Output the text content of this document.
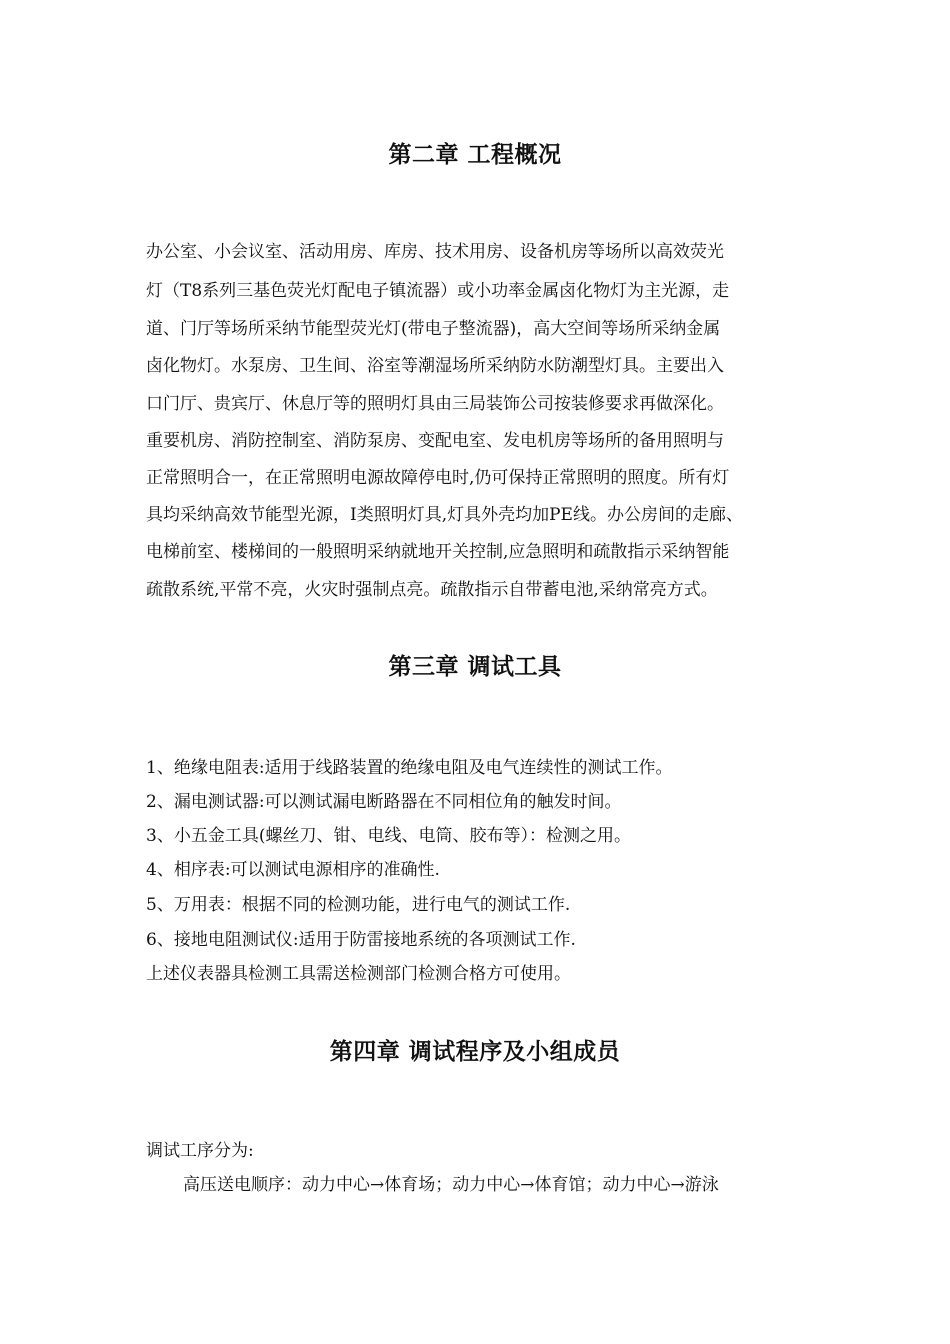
第二章 工程概况

办公室、小会议室、活动用房、库房、技术用房、设备机房等场所以高效荧光

灯（T8系列三基色荧光灯配电子镇流器）或小功率金属卤化物灯为主光源，走

道、门厅等场所采纳节能型荧光灯(带电子整流器)，高大空间等场所采纳金属

卤化物灯。水泵房、卫生间、浴室等潮湿场所采纳防水防潮型灯具。主要出入

口门厅、贵宾厅、休息厅等的照明灯具由三局装饰公司按装修要求再做深化。

重要机房、消防控制室、消防泵房、变配电室、发电机房等场所的备用照明与

正常照明合一，在正常照明电源故障停电时,仍可保持正常照明的照度。所有灯

具均采纳高效节能型光源，I类照明灯具,灯具外壳均加PE线。办公房间的走廊、

电梯前室、楼梯间的一般照明采纳就地开关控制,应急照明和疏散指示采纳智能

疏散系统,平常不亮，火灾时强制点亮。疏散指示自带蓄电池,采纳常亮方式。

第三章 调试工具

1、绝缘电阻表:适用于线路装置的绝缘电阻及电气连续性的测试工作。

2、漏电测试器:可以测试漏电断路器在不同相位角的触发时间。

3、小五金工具(螺丝刀、钳、电线、电筒、胶布等）：检测之用。

4、相序表:可以测试电源相序的准确性.

5、万用表：根据不同的检测功能，进行电气的测试工作.

6、接地电阻测试仪:适用于防雷接地系统的各项测试工作.

上述仪表器具检测工具需送检测部门检测合格方可使用。

第四章 调试程序及小组成员

调试工序分为:

高压送电顺序：动力中心→体育场；动力中心→体育馆；动力中心→游泳
